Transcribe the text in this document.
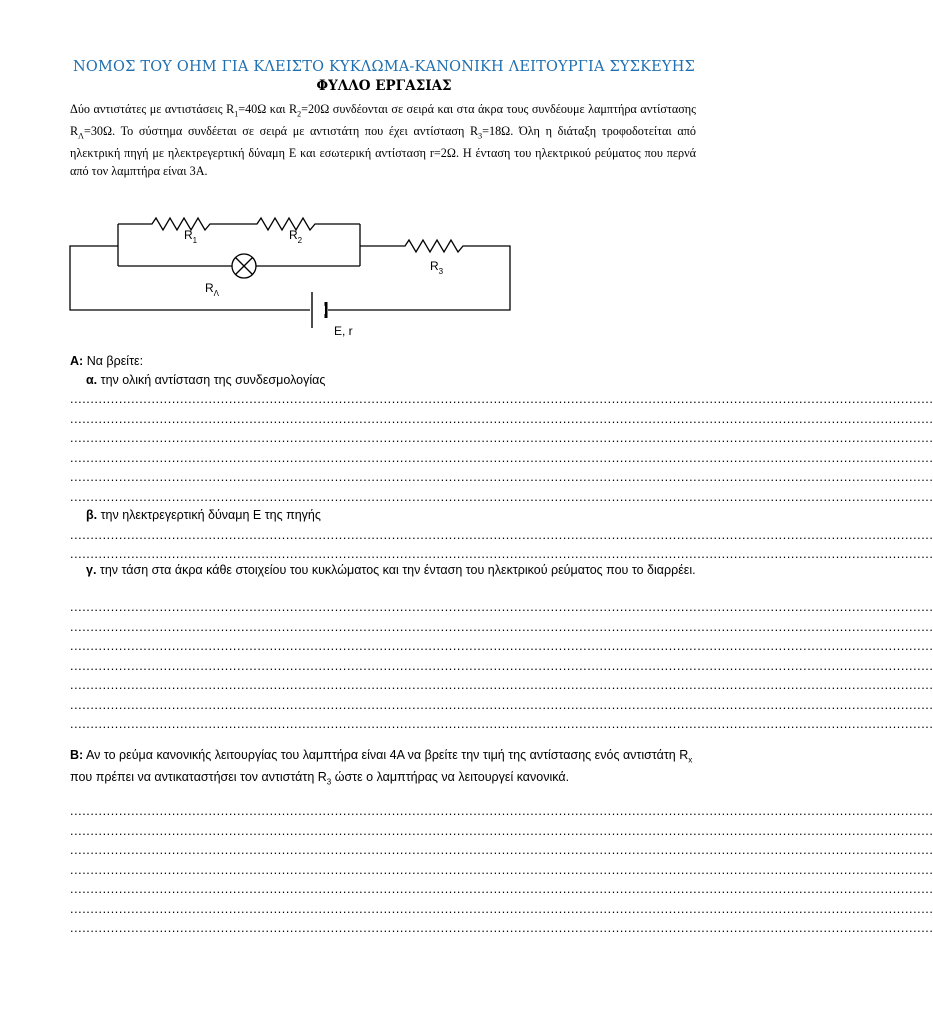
ΝΟΜΟΣ ΤΟΥ ΟΗΜ ΓΙΑ ΚΛΕΙΣΤΟ ΚΥΚΛΩΜΑ-ΚΑΝΟΝΙΚΗ ΛΕΙΤΟΥΡΓΙΑ ΣΥΣΚΕΥΗΣ
ΦΥΛΛΟ ΕΡΓΑΣΙΑΣ
Δύο αντιστάτες με αντιστάσεις $R_1=40\Omega$ και $R_2=20\Omega$ συνδέονται σε σειρά και στα άκρα τους συνδέουμε λαμπτήρα αντίστασης $R_\Lambda=30\Omega$. Το σύστημα συνδέεται σε σειρά με αντιστάτη που έχει αντίσταση $R_3=18\Omega$. Όλη η διάταξη τροφοδοτείται από ηλεκτρική πηγή με ηλεκτρεγερτική δύναμη Ε και εσωτερική αντίσταση r=2Ω. Η ένταση του ηλεκτρικού ρεύματος που περνά από τον λαμπτήρα είναι 3Α.
$R_1$	$R_2$
$R_3$
$R_\Lambda$
E, r
Α: Να βρείτε:
α. την ολική αντίσταση της συνδεσμολογίας
....................................................................................................................................................................................................................
....................................................................................................................................................................................................................
....................................................................................................................................................................................................................
....................................................................................................................................................................................................................
....................................................................................................................................................................................................................
....................................................................................................................................................................................................................
β. την ηλεκτρεγερτική δύναμη Ε της πηγής
....................................................................................................................................................................................................................
....................................................................................................................................................................................................................
γ. την τάση στα άκρα κάθε στοιχείου του κυκλώματος και την ένταση του ηλεκτρικού ρεύματος που το διαρρέει.
....................................................................................................................................................................................................................
....................................................................................................................................................................................................................
....................................................................................................................................................................................................................
....................................................................................................................................................................................................................
....................................................................................................................................................................................................................
....................................................................................................................................................................................................................
....................................................................................................................................................................................................................
Β: Αν το ρεύμα κανονικής λειτουργίας του λαμπτήρα είναι 4Α να βρείτε την τιμή της αντίστασης ενός αντιστάτη $R_x$ που πρέπει να αντικαταστήσει τον αντιστάτη $R_3$ ώστε ο λαμπτήρας να λειτουργεί κανονικά.
....................................................................................................................................................................................................................
....................................................................................................................................................................................................................
....................................................................................................................................................................................................................
....................................................................................................................................................................................................................
....................................................................................................................................................................................................................
....................................................................................................................................................................................................................
....................................................................................................................................................................................................................
